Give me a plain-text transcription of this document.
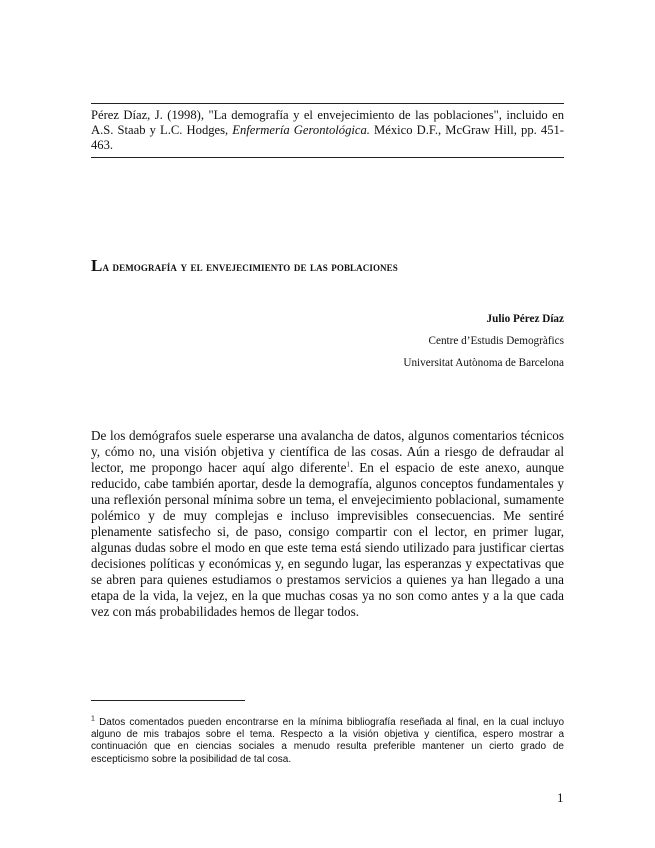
Pérez Díaz, J. (1998), "La demografía y el envejecimiento de las poblaciones", incluido en A.S. Staab y L.C. Hodges, Enfermería Gerontológica. México D.F., McGraw Hill, pp. 451-463.
La demografía y el envejecimiento de las poblaciones
Julio Pérez Díaz
Centre d’Estudis Demogràfics
Universitat Autònoma de Barcelona
De los demógrafos suele esperarse una avalancha de datos, algunos comentarios técnicos y, cómo no, una visión objetiva y científica de las cosas. Aún a riesgo de defraudar al lector, me propongo hacer aquí algo diferente$^1$. En el espacio de este anexo, aunque reducido, cabe también aportar, desde la demografía, algunos conceptos fundamentales y una reflexión personal mínima sobre un tema, el envejecimiento poblacional, sumamente polémico y de muy complejas e incluso imprevisibles consecuencias. Me sentiré plenamente satisfecho si, de paso, consigo compartir con el lector, en primer lugar, algunas dudas sobre el modo en que este tema está siendo utilizado para justificar ciertas decisiones políticas y económicas y, en segundo lugar, las esperanzas y expectativas que se abren para quienes estudiamos o prestamos servicios a quienes ya han llegado a una etapa de la vida, la vejez, en la que muchas cosas ya no son como antes y a la que cada vez con más probabilidades hemos de llegar todos.
$^1$ Datos comentados pueden encontrarse en la mínima bibliografía reseñada al final, en la cual incluyo alguno de mis trabajos sobre el tema. Respecto a la visión objetiva y científica, espero mostrar a continuación que en ciencias sociales a menudo resulta preferible mantener un cierto grado de escepticismo sobre la posibilidad de tal cosa.
1
